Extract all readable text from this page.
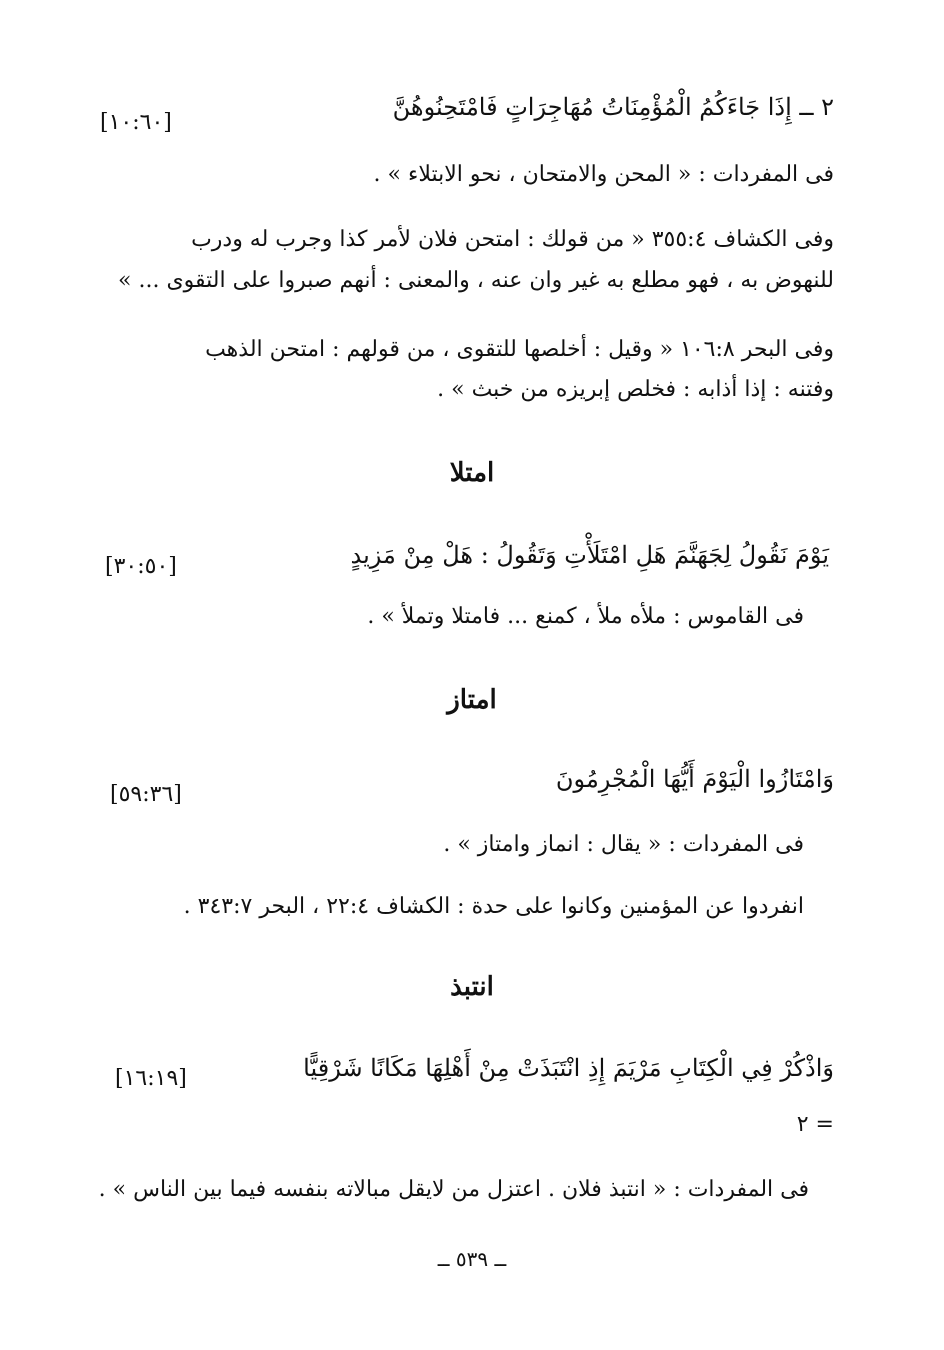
٢ ــ إِذَا جَاءَكُمُ الْمُؤْمِنَاتُ مُهَاجِرَاتٍ فَامْتَحِنُوهُنَّ
[١٠:٦٠]
فى المفردات : « المحن والامتحان ، نحو الابتلاء » .
وفى الكشاف ٣٥٥:٤ « من قولك : امتحن فلان لأمر كذا وجرب له ودرب
للنهوض به ، فهو مطلع به غير وان عنه ، والمعنى : أنهم صبروا على التقوى ... »
وفى البحر ١٠٦:٨ « وقيل : أخلصها للتقوى ، من قولهم : امتحن الذهب
وفتنه : إذا أذابه : فخلص إبريزه من خبث » .
امتلا
يَوْمَ نَقُولُ لِجَهَنَّمَ هَلِ امْتَلَأْتِ وَتَقُولُ : هَلْ مِنْ مَزِيدٍ
[٣٠:٥٠]
فى القاموس : ملأه ملأ ، كمنع ... فامتلا وتملأ » .
امتاز
وَامْتَازُوا الْيَوْمَ أَيُّهَا الْمُجْرِمُونَ
[٥٩:٣٦]
فى المفردات : « يقال : انماز وامتاز » .
انفردوا عن المؤمنين وكانوا على حدة : الكشاف ٢٢:٤ ، البحر ٣٤٣:٧ .
انتبذ
وَاذْكُرْ فِي الْكِتَابِ مَرْيَمَ إِذِ انْتَبَذَتْ مِنْ أَهْلِهَا مَكَانًا شَرْقِيًّا
[١٦:١٩]
= ٢
فى المفردات : « انتبذ فلان . اعتزل من لايقل مبالاته بنفسه فيما بين الناس » .
ــ ٥٣٩ ــ
